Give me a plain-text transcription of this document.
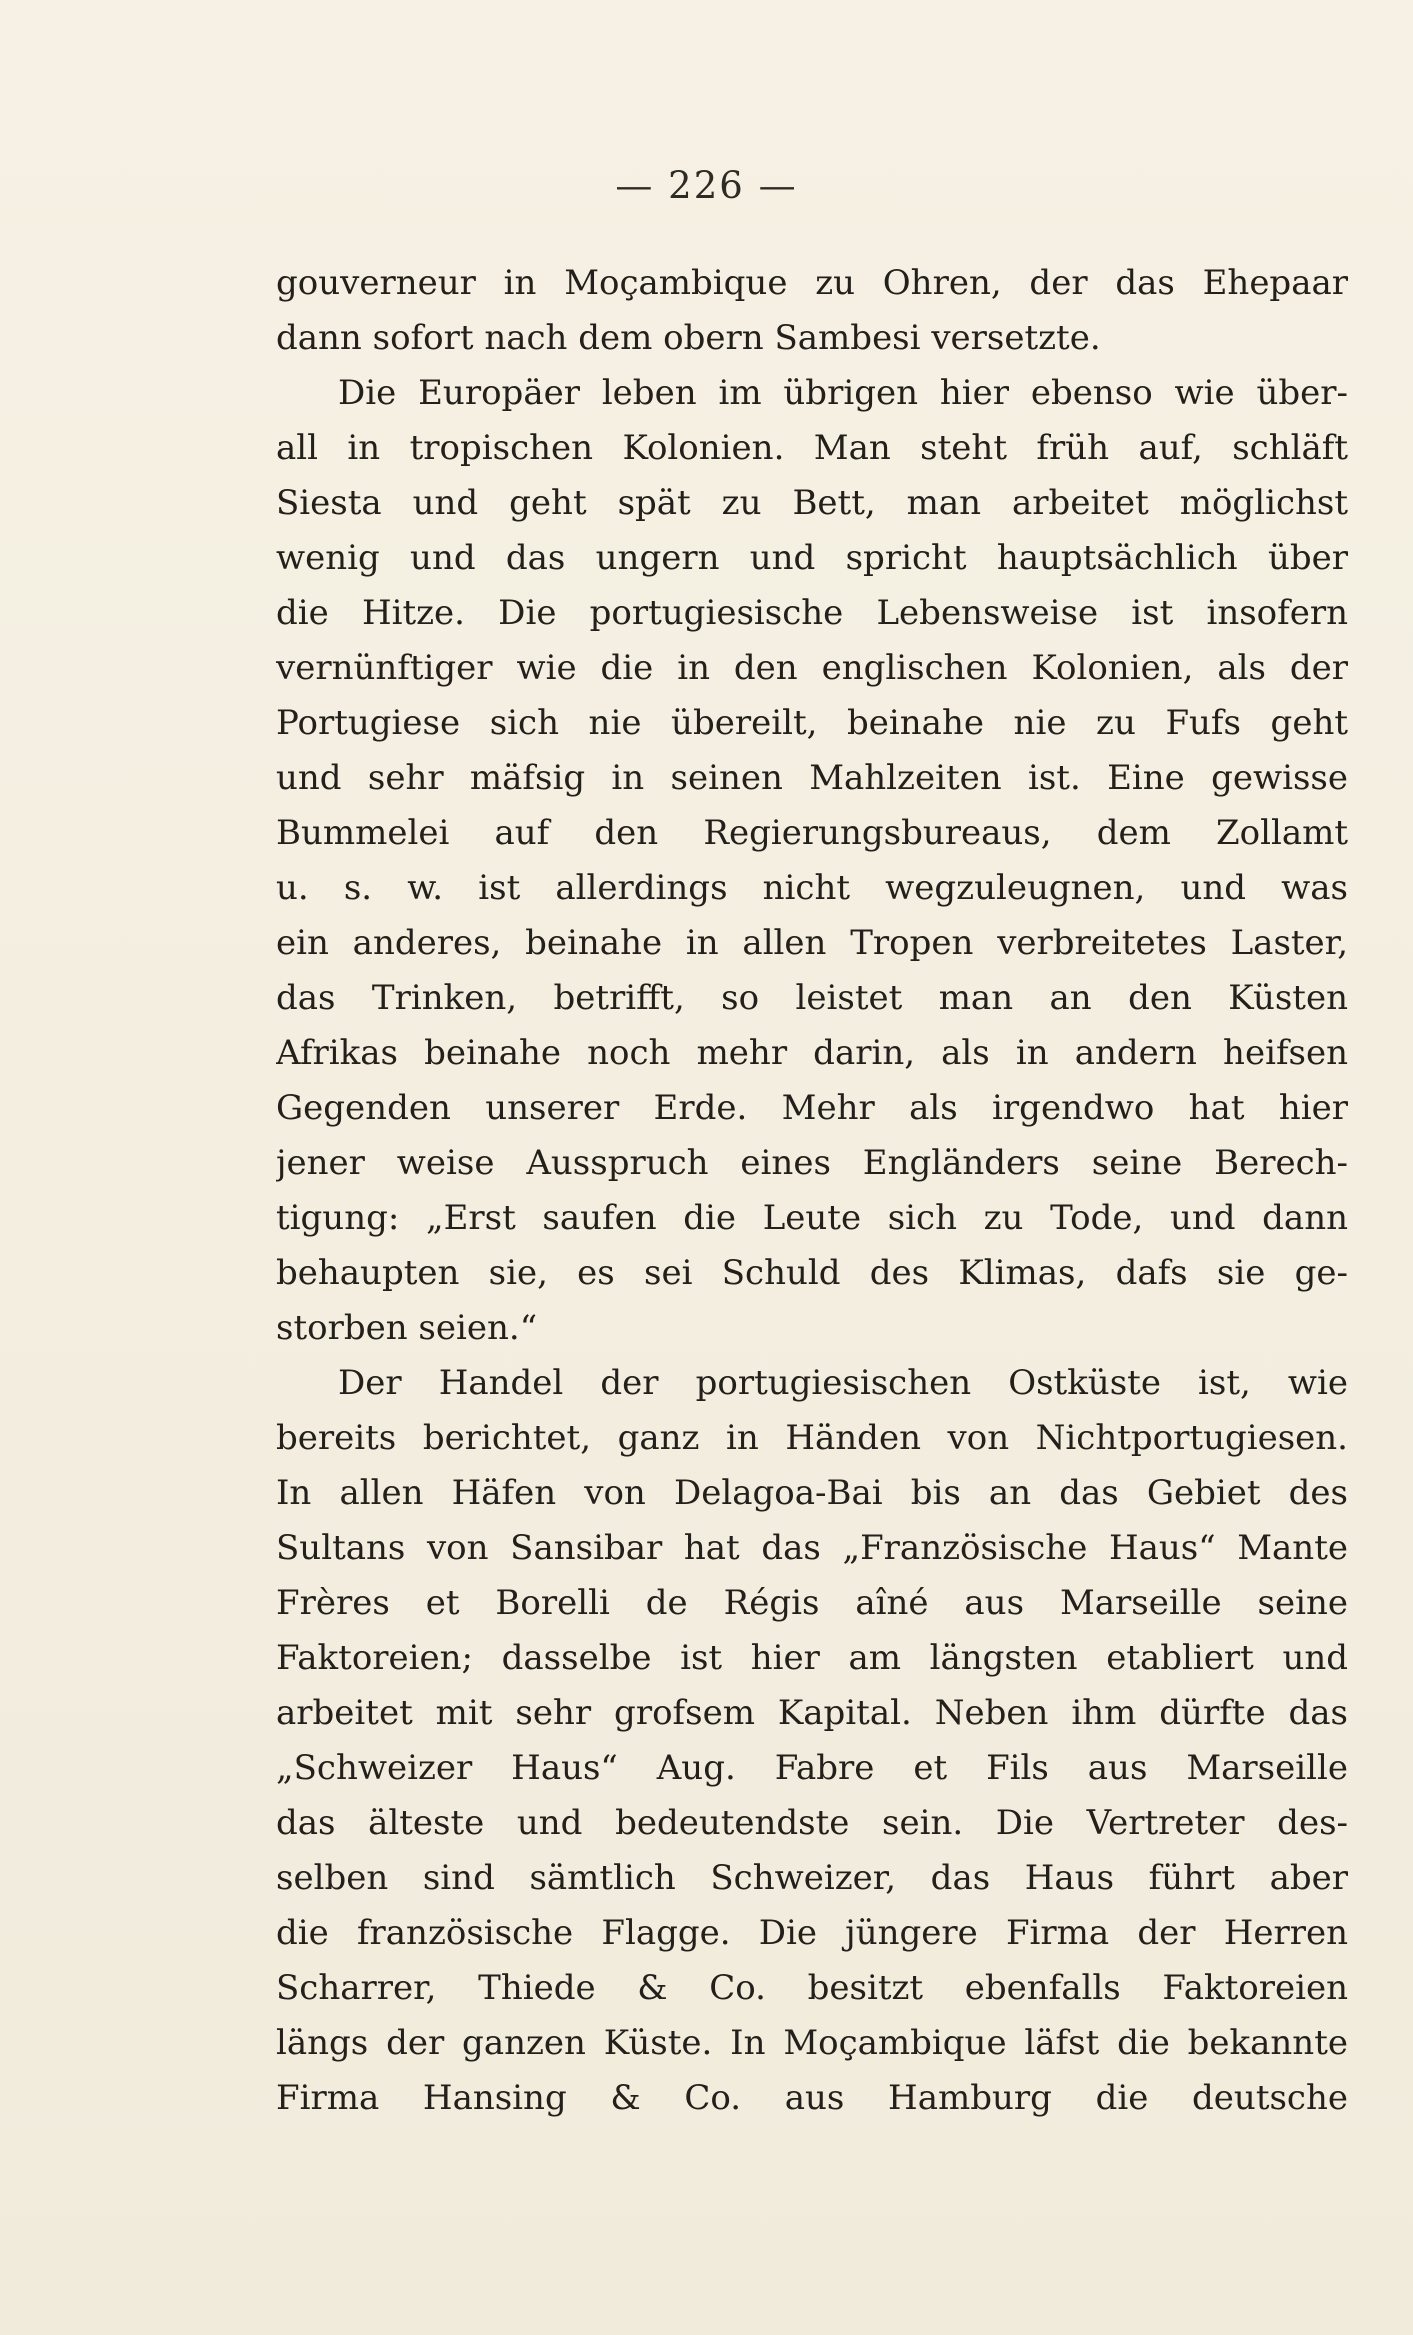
— 226 —
gouverneur in Moçambique zu Ohren, der das Ehepaar
dann sofort nach dem obern Sambesi versetzte.
Die Europäer leben im übrigen hier ebenso wie über-
all in tropischen Kolonien. Man steht früh auf, schläft
Siesta und geht spät zu Bett, man arbeitet möglichst
wenig und das ungern und spricht hauptsächlich über
die Hitze. Die portugiesische Lebensweise ist insofern
vernünftiger wie die in den englischen Kolonien, als der
Portugiese sich nie übereilt, beinahe nie zu Fufs geht
und sehr mäfsig in seinen Mahlzeiten ist. Eine gewisse
Bummelei auf den Regierungsbureaus, dem Zollamt
u. s. w. ist allerdings nicht wegzuleugnen, und was
ein anderes, beinahe in allen Tropen verbreitetes Laster,
das Trinken, betrifft, so leistet man an den Küsten
Afrikas beinahe noch mehr darin, als in andern heifsen
Gegenden unserer Erde. Mehr als irgendwo hat hier
jener weise Ausspruch eines Engländers seine Berech-
tigung: „Erst saufen die Leute sich zu Tode, und dann
behaupten sie, es sei Schuld des Klimas, dafs sie ge-
storben seien.“
Der Handel der portugiesischen Ostküste ist, wie
bereits berichtet, ganz in Händen von Nichtportugiesen.
In allen Häfen von Delagoa-Bai bis an das Gebiet des
Sultans von Sansibar hat das „Französische Haus“ Mante
Frères et Borelli de Régis aîné aus Marseille seine
Faktoreien; dasselbe ist hier am längsten etabliert und
arbeitet mit sehr grofsem Kapital. Neben ihm dürfte das
„Schweizer Haus“ Aug. Fabre et Fils aus Marseille
das älteste und bedeutendste sein. Die Vertreter des-
selben sind sämtlich Schweizer, das Haus führt aber
die französische Flagge. Die jüngere Firma der Herren
Scharrer, Thiede & Co. besitzt ebenfalls Faktoreien
längs der ganzen Küste. In Moçambique läfst die bekannte
Firma Hansing & Co. aus Hamburg die deutsche
